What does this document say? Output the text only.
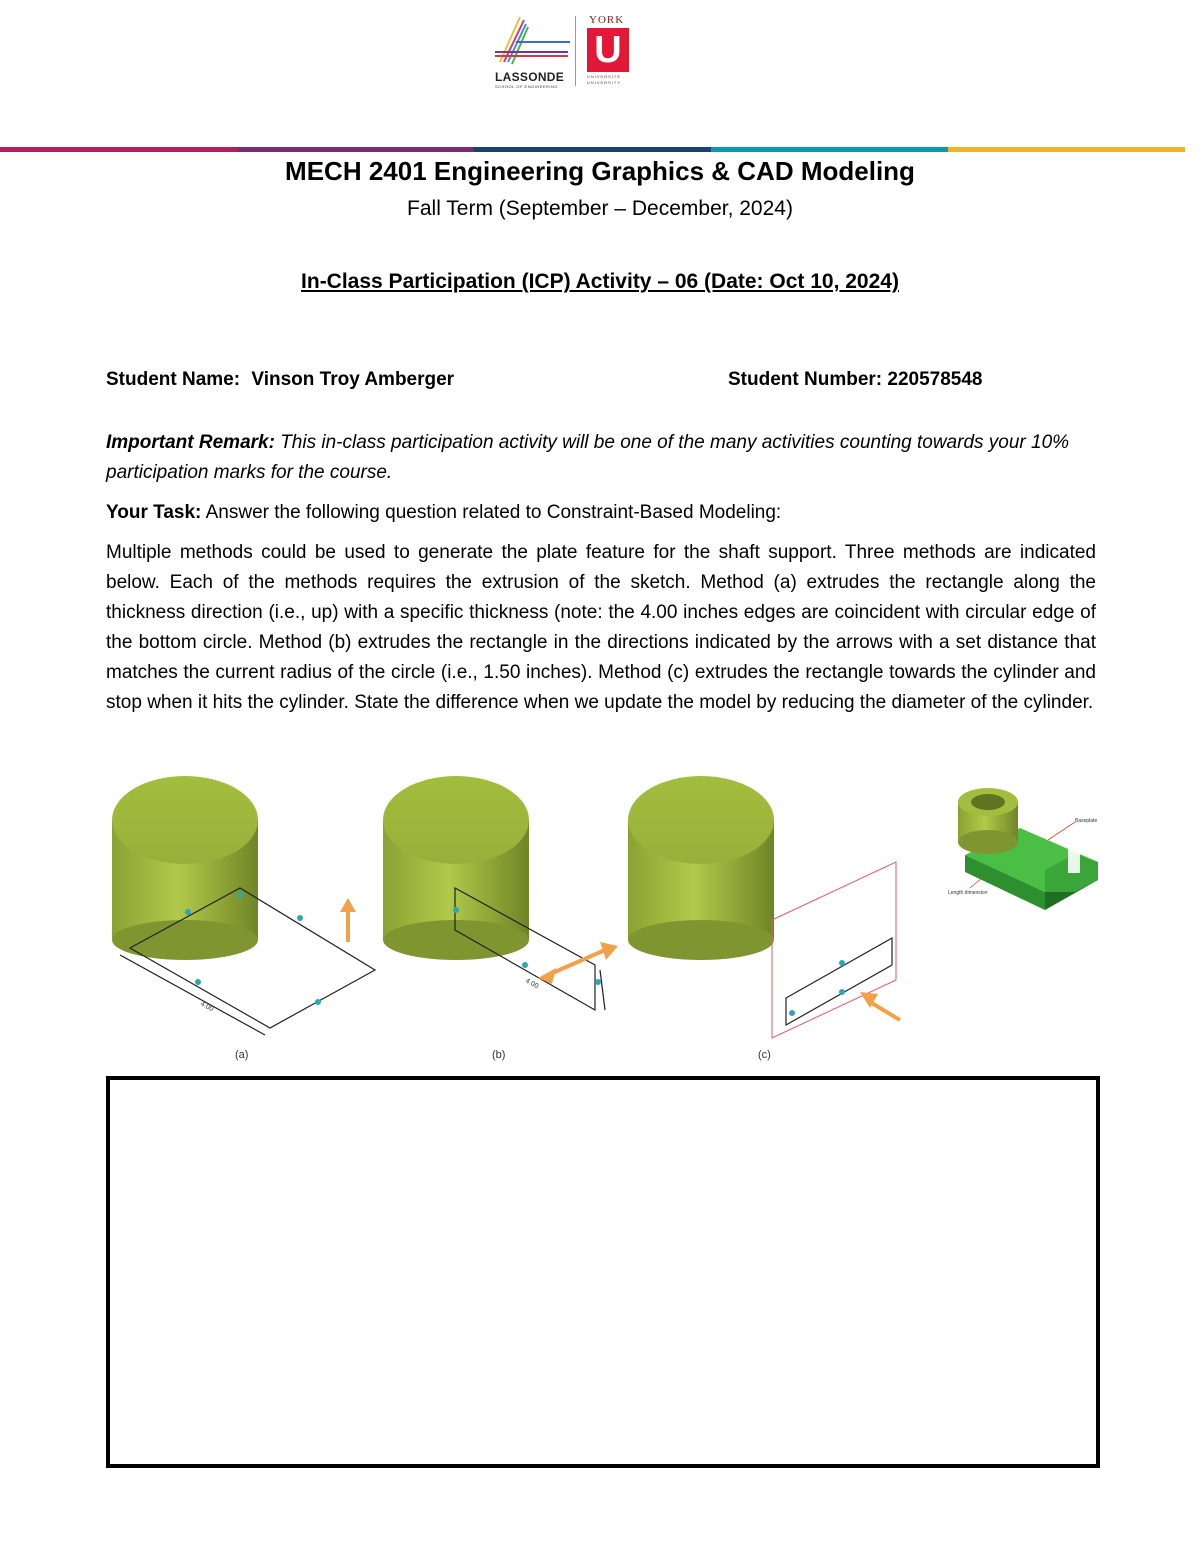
LASSONDE
SCHOOL OF ENGINEERING
YORK
U
UNIVERSITÉ UNIVERSITY
MECH 2401 Engineering Graphics & CAD Modeling
Fall Term (September – December, 2024)
In-Class Participation (ICP) Activity – 06 (Date: Oct 10, 2024)
Student Name: Vinson Troy Amberger	Student Number: 220578548
Important Remark: This in-class participation activity will be one of the many activities counting towards your 10% participation marks for the course.
Your Task: Answer the following question related to Constraint-Based Modeling:
Multiple methods could be used to generate the plate feature for the shaft support. Three methods are indicated below. Each of the methods requires the extrusion of the sketch. Method (a) extrudes the rectangle along the thickness direction (i.e., up) with a specific thickness (note: the 4.00 inches edges are coincident with circular edge of the bottom circle. Method (b) extrudes the rectangle in the directions indicated by the arrows with a set distance that matches the current radius of the circle (i.e., 1.50 inches). Method (c) extrudes the rectangle towards the cylinder and stop when it hits the cylinder. State the difference when we update the model by reducing the diameter of the cylinder.
4.00
(a)
4.00
(b)	(c)
Baseplate
Length dimension
